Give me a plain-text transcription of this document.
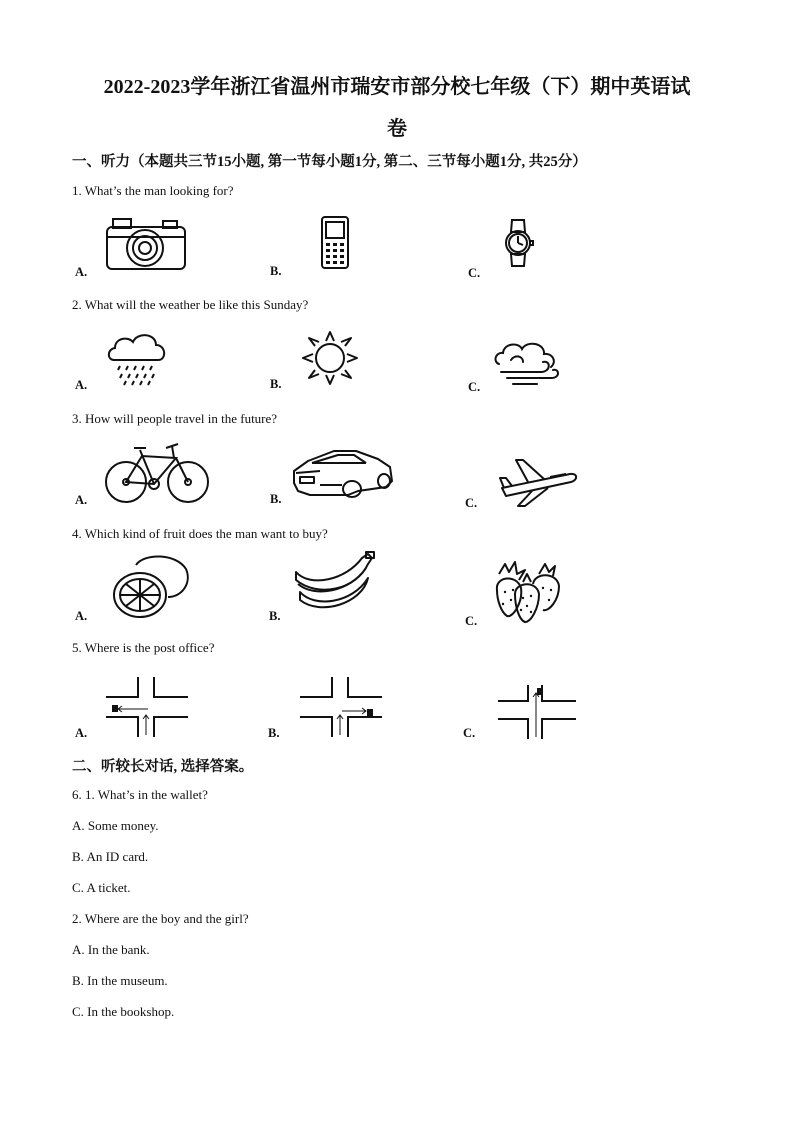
2022-2023学年浙江省温州市瑞安市部分校七年级（下）期中英语试
卷
一、听力（本题共三节15小题, 第一节每小题1分, 第二、三节每小题1分, 共25分）
1. What’s the man looking for?
A.	B.	C.
2. What will the weather be like this Sunday?
A.	B.	C.
3. How will people travel in the future?
A.	B.	C.
4. Which kind of fruit does the man want to buy?
A.	B.	C.
5. Where is the post office?
A.	B.	C.
二、听较长对话, 选择答案。
6. 1. What’s in the wallet?
A. Some money.
B. An ID card.
C. A ticket.
2. Where are the boy and the girl?
A. In the bank.
B. In the museum.
C. In the bookshop.
